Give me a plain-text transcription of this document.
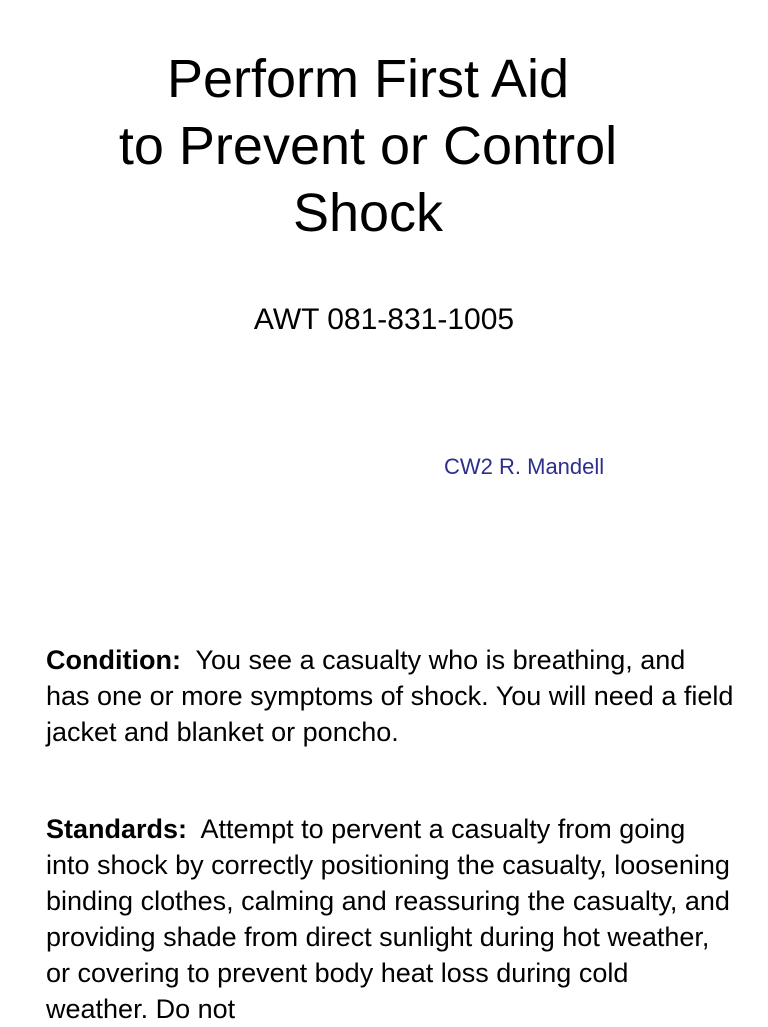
Perform First Aid
to Prevent or Control
Shock
AWT 081-831-1005
CW2 R. Mandell

Condition: You see a casualty who is breathing, and has one or more symptoms of shock. You will need a field jacket and blanket or poncho.

Standards: Attempt to pervent a casualty from going into shock by correctly positioning the casualty, loosening binding clothes, calming and reassuring the casualty, and providing shade from direct sunlight during hot weather, or covering to prevent body heat loss during cold weather. Do not
